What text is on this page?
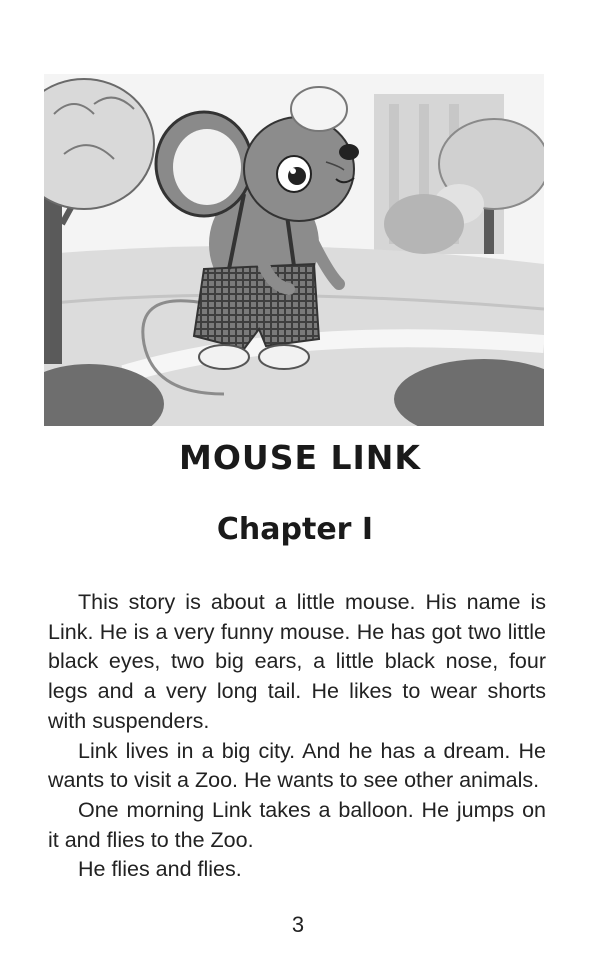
MOUSE LINK
Chapter I

This story is about a little mouse. His name is Link. He is a very funny mouse. He has got two little black eyes, two big ears, a little black nose, four legs and a very long tail. He likes to wear shorts with suspenders.

Link lives in a big city. And he has a dream. He wants to visit a Zoo. He wants to see other animals.

One morning Link takes a balloon. He jumps on it and flies to the Zoo.

He flies and flies.

3
